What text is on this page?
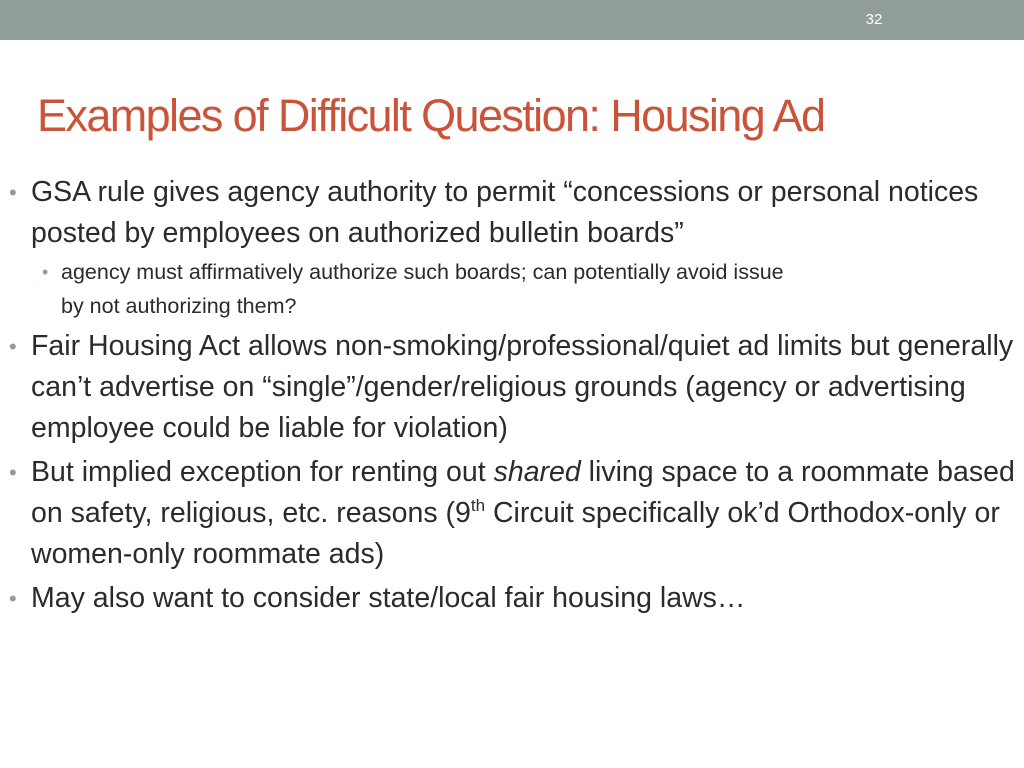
32
Examples of Difficult Question: Housing Ad
• GSA rule gives agency authority to permit “concessions or personal notices posted by employees on authorized bulletin boards”
• agency must affirmatively authorize such boards; can potentially avoid issue
by not authorizing them?
• Fair Housing Act allows non-smoking/professional/quiet ad limits but generally can’t advertise on “single”/gender/religious grounds (agency or advertising employee could be liable for violation)
• But implied exception for renting out shared living space to a roommate based on safety, religious, etc. reasons (9th Circuit specifically ok’d Orthodox-only or women-only roommate ads)
• May also want to consider state/local fair housing laws…
